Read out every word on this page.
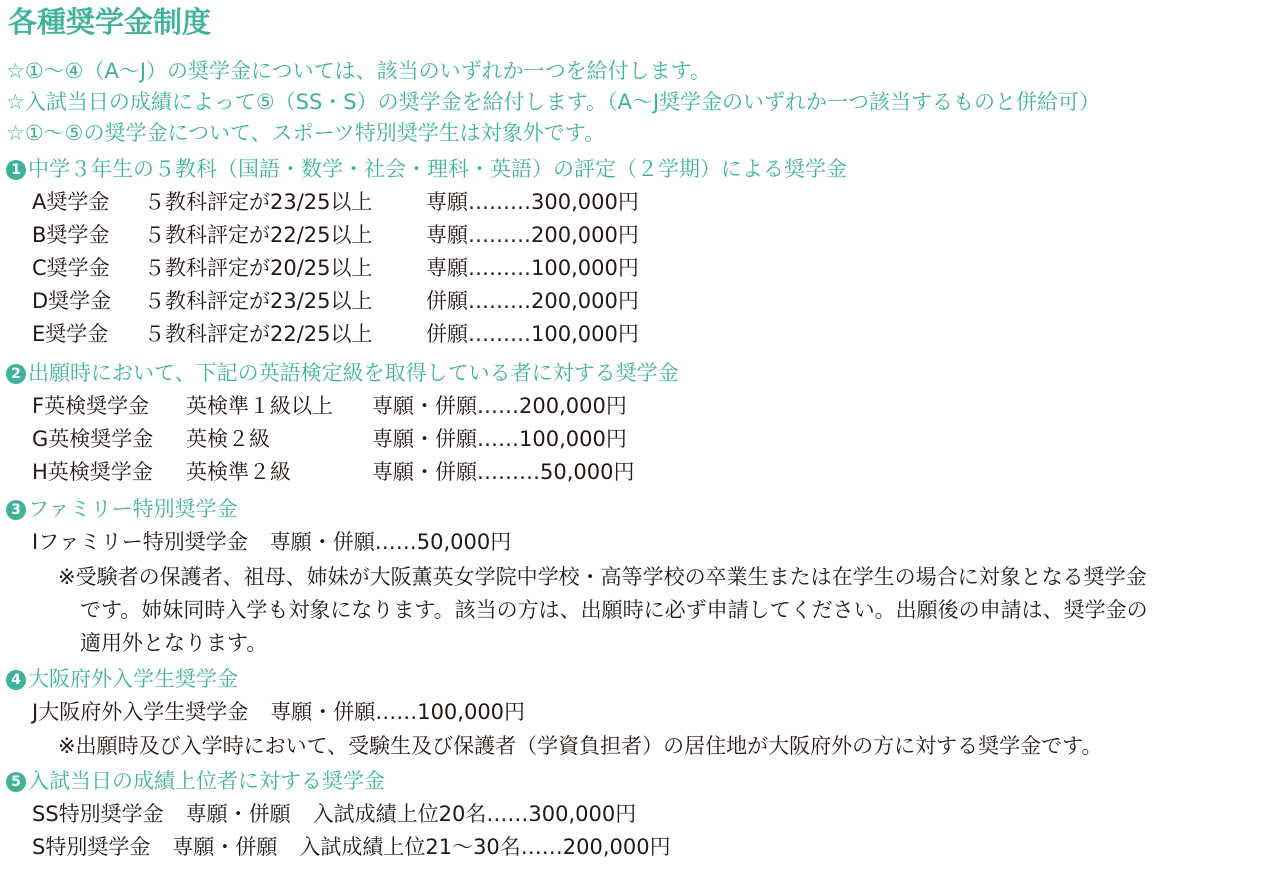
各種奨学金制度
☆①～④（A～J）の奨学金については、該当のいずれか一つを給付します。
☆入試当日の成績によって⑤（SS・S）の奨学金を給付します。（A～J奨学金のいずれか一つ該当するものと併給可）
☆①～⑤の奨学金について、スポーツ特別奨学生は対象外です。
1 中学３年生の５教科（国語・数学・社会・理科・英語）の評定（２学期）による奨学金
A奨学金 ５教科評定が23/25以上	専願………300,000円
B奨学金 ５教科評定が22/25以上	専願………200,000円
C奨学金 ５教科評定が20/25以上	専願………100,000円
D奨学金 ５教科評定が23/25以上	併願………200,000円
E奨学金 ５教科評定が22/25以上	併願………100,000円
2 出願時において、下記の英語検定級を取得している者に対する奨学金
F英検奨学金 英検準１級以上 専願・併願……200,000円
G英検奨学金 英検２級	専願・併願……100,000円
H英検奨学金 英検準２級	専願・併願………50,000円
3 ファミリー特別奨学金
Iファミリー特別奨学金 専願・併願……50,000円
※受験者の保護者、祖母、姉妹が大阪薫英女学院中学校・高等学校の卒業生または在学生の場合に対象となる奨学金
です。姉妹同時入学も対象になります。該当の方は、出願時に必ず申請してください。出願後の申請は、奨学金の
適用外となります。
4 大阪府外入学生奨学金
J大阪府外入学生奨学金 専願・併願……100,000円
※出願時及び入学時において、受験生及び保護者（学資負担者）の居住地が大阪府外の方に対する奨学金です。
5 入試当日の成績上位者に対する奨学金
SS特別奨学金 専願・併願 入試成績上位20名……300,000円
S特別奨学金 専願・併願 入試成績上位21～30名……200,000円
